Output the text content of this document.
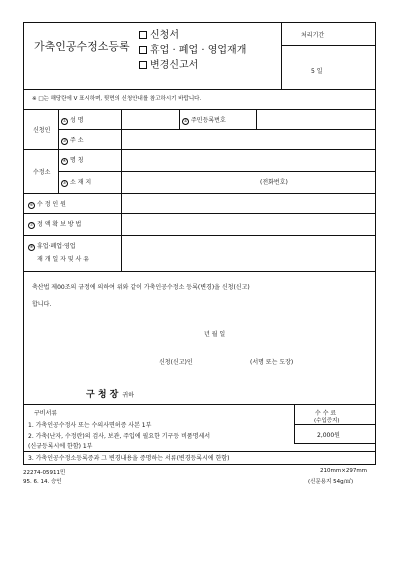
가축인공수정소등록
신청서
휴업 · 폐업 · 영업재개
변경신고서
처리기간
5 일
※ □는 해당란에 V 표시하며, 뒷면의 신청안내를 참고하시기 바랍니다.
신청인
① 성 명	② 주민등록번호
③ 주 소
수정소
④ 명 칭
⑤ 소 재 지	(전화번호)
⑥ 수 정 인 원
⑦ 정 액 확 보 방 법
⑧ 휴업·폐업·영업
재 개 일 자 및 사 유
축산법 제00조의 규정에 의하여 위와 같이 가축인공수정소 등록(변경)을 신청(신고)
합니다.
년 월 일
신청(신고)인	(서명 또는 도장)
구 청 장 귀하
구비서류
1. 가축인공수정사 또는 수의사면허증 사본 1부
2. 가축(난자, 수정란)의 검사, 보관, 주입에 필요한 기구등 비품명세서
(신규등록시에 한함) 1부
3. 가축인공수정소등록증과 그 변경내용을 증명하는 서류(변경등록시에 한함)
수 수 료
(수입증지)
2,000원
22274-05911민
95. 6. 14. 승인
210mm×297mm
(신문용지 54g/㎡)
